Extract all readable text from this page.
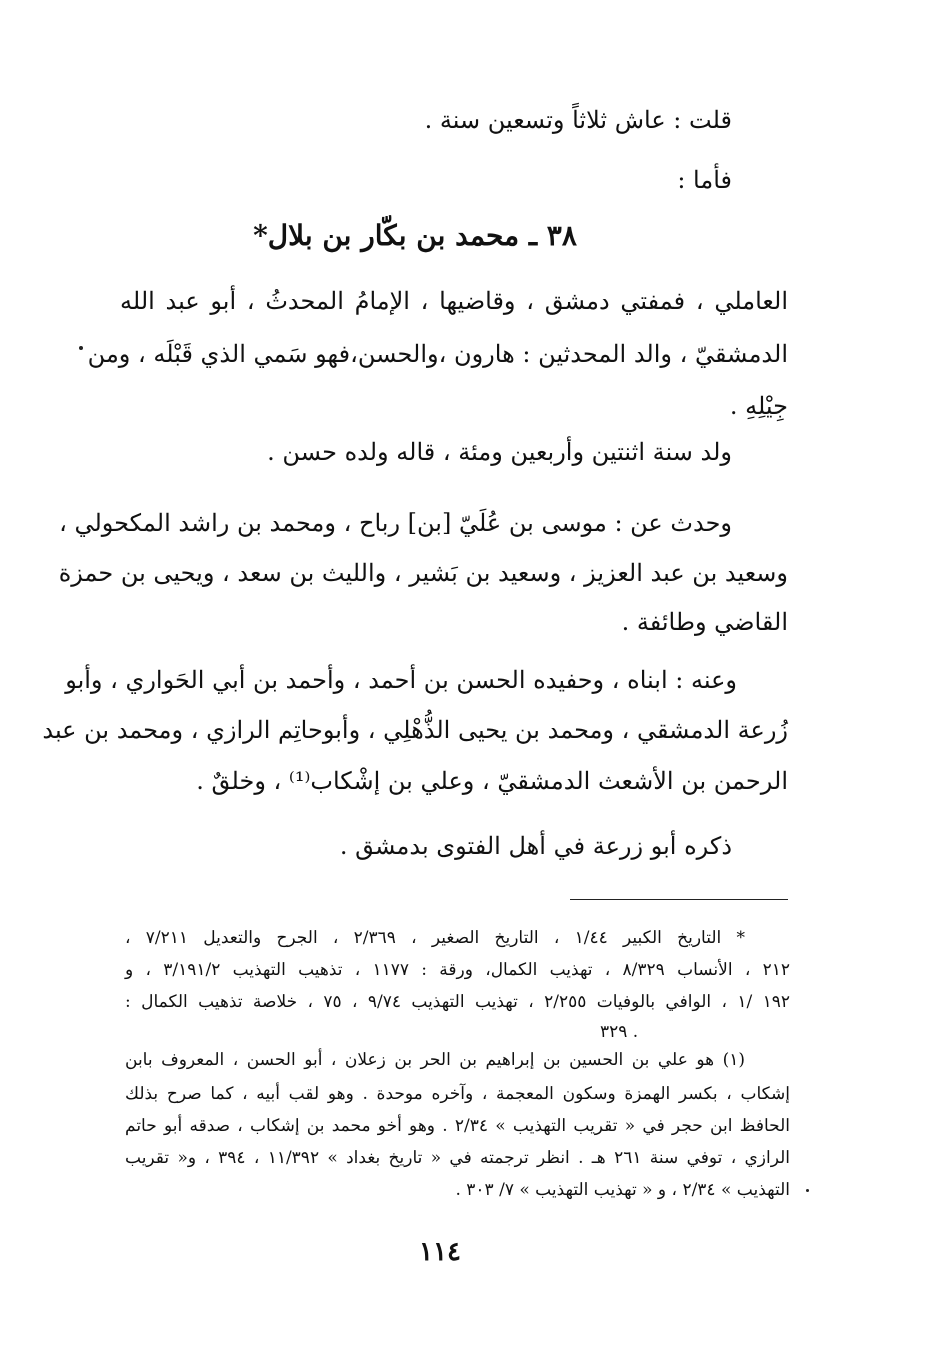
قلت : عاش ثلاثاً وتسعين سنة .
فأما :
٣٨ ـ محمد بن بكّار بن بلال*
العاملي ، فمفتي دمشق ، وقاضيها ، الإمامُ المحدثُ ، أبو عبد الله
الدمشقيّ ، والد المحدثين : هارون ،والحسن،فهو سَمي الذي قَبْلَه ، ومن
جِيْلِهِ .
ولد سنة اثنتين وأربعين ومئة ، قاله ولده حسن .
وحدث عن : موسى بن عُلَيّ [بن] رباح ، ومحمد بن راشد المكحولي ،
وسعيد بن عبد العزيز ، وسعيد بن بَشير ، والليث بن سعد ، ويحيى بن حمزة
القاضي وطائفة .
وعنه : ابناه ، وحفيده الحسن بن أحمد ، وأحمد بن أبي الحَواري ، وأبو
زُرعة الدمشقي ، ومحمد بن يحيى الذُّهْلِي ، وأبوحاتِم الرازي ، ومحمد بن عبد
الرحمن بن الأشعث الدمشقيّ ، وعلي بن إشْكاب⁽¹⁾ ، وخلقٌ .
ذكره أبو زرعة في أهل الفتوى بدمشق .
* التاريخ الكبير ١/٤٤ ، التاريخ الصغير ، ٢/٣٦٩ ، الجرح والتعديل ٧/٢١١ ،
٢١٢ ، الأنساب ٨/٣٢٩ ، تهذيب الكمال، ورقة : ١١٧٧ ، تذهيب التهذيب ٣/١٩١/٢ ، و
١٩٢ /١ ، الوافي بالوفيات ٢/٢٥٥ ، تهذيب التهذيب ٩/٧٤ ، ٧٥ ، خلاصة تذهيب الكمال :
٣٢٩ .
(١) هو علي بن الحسين بن إبراهيم بن الحر بن زعلان ، أبو الحسن ، المعروف بابن
إشكاب ، بكسر الهمزة وسكون المعجمة ، وآخره موحدة . وهو لقب أبيه ، كما صرح بذلك
الحافظ ابن حجر في « تقريب التهذيب » ٢/٣٤ . وهو أخو محمد بن إشكاب ، صدقه أبو حاتم
الرازي ، توفي سنة ٢٦١ هـ . انظر ترجمته في « تاريخ بغداد » ١١/٣٩٢ ، ٣٩٤ ، و« تقريب
التهذيب » ٢/٣٤ ، و « تهذيب التهذيب » ٧/ ٣٠٣ .
١١٤
